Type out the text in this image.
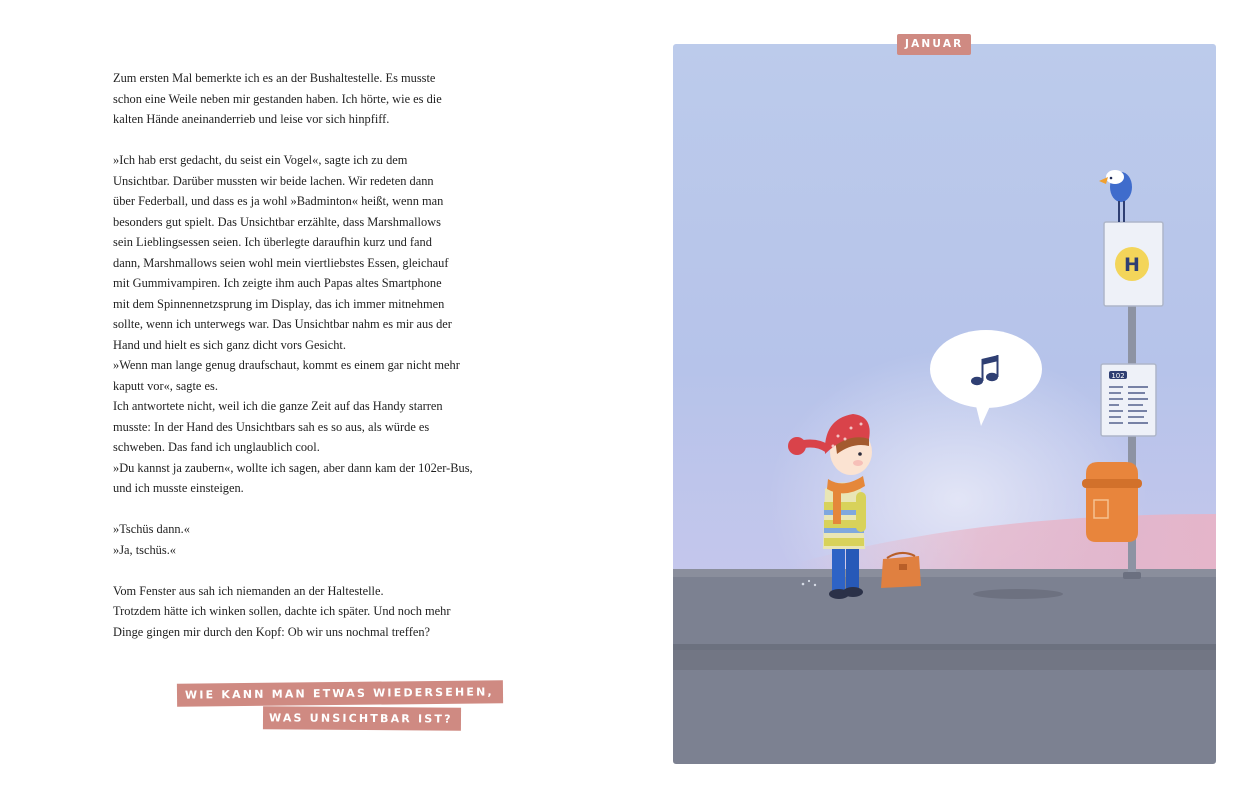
Zum ersten Mal bemerkte ich es an der Bushaltestelle. Es musste

schon eine Weile neben mir gestanden haben. Ich hörte, wie es die

kalten Hände aneinanderrieb und leise vor sich hinpfiff.

»Ich hab erst gedacht, du seist ein Vogel«, sagte ich zu dem

Unsichtbar. Darüber mussten wir beide lachen. Wir redeten dann

über Federball, und dass es ja wohl »Badminton« heißt, wenn man

besonders gut spielt. Das Unsichtbar erzählte, dass Marshmallows

sein Lieblingsessen seien. Ich überlegte daraufhin kurz und fand

dann, Marshmallows seien wohl mein viertliebstes Essen, gleichauf

mit Gummivampiren. Ich zeigte ihm auch Papas altes Smartphone

mit dem Spinnennetzsprung im Display, das ich immer mitnehmen

sollte, wenn ich unterwegs war. Das Unsichtbar nahm es mir aus der

Hand und hielt es sich ganz dicht vors Gesicht.

»Wenn man lange genug draufschaut, kommt es einem gar nicht mehr

kaputt vor«, sagte es.

Ich antwortete nicht, weil ich die ganze Zeit auf das Handy starren

musste: In der Hand des Unsichtbars sah es so aus, als würde es

schweben. Das fand ich unglaublich cool.

»Du kannst ja zaubern«, wollte ich sagen, aber dann kam der 102er-Bus,

und ich musste einsteigen.

»Tschüs dann.«

»Ja, tschüs.«

Vom Fenster aus sah ich niemanden an der Haltestelle.

Trotzdem hätte ich winken sollen, dachte ich später. Und noch mehr

Dinge gingen mir durch den Kopf: Ob wir uns nochmal treffen?

WIE KANN MAN ETWAS WIEDERSEHEN,
WAS UNSICHTBAR IST?
H
102
JANUAR
